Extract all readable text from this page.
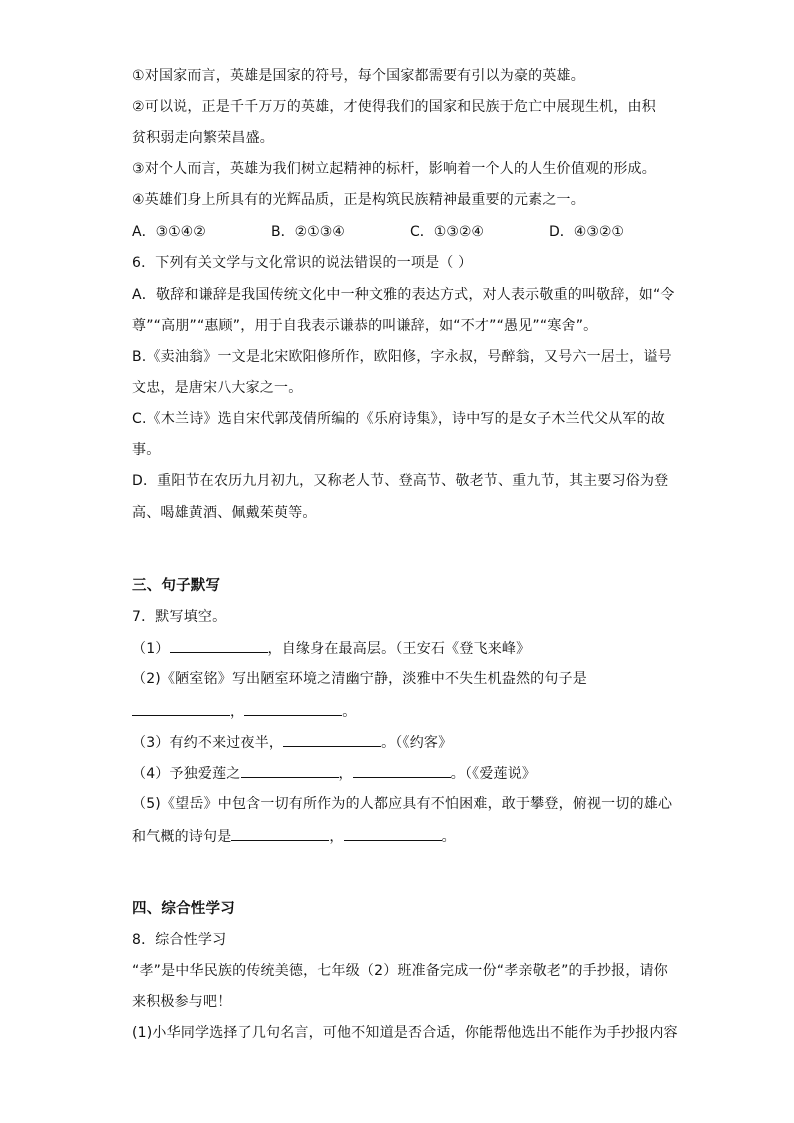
①对国家而言，英雄是国家的符号，每个国家都需要有引以为豪的英雄。
②可以说，正是千千万万的英雄，才使得我们的国家和民族于危亡中展现生机，由积
贫积弱走向繁荣昌盛。
③对个人而言，英雄为我们树立起精神的标杆，影响着一个人的人生价值观的形成。
④英雄们身上所具有的光辉品质，正是构筑民族精神最重要的元素之一。
A．③①④②	B．②①③④	C．①③②④	D．④③②①
6．下列有关文学与文化常识的说法错误的一项是（ ）
A．敬辞和谦辞是我国传统文化中一种文雅的表达方式，对人表示敬重的叫敬辞，如“令
尊”“高朋”“惠顾”，用于自我表示谦恭的叫谦辞，如“不才”“愚见”“寒舍”。
B.《卖油翁》一文是北宋欧阳修所作，欧阳修，字永叔，号醉翁，又号六一居士，谥号
文忠，是唐宋八大家之一。
C.《木兰诗》选自宋代郭茂倩所编的《乐府诗集》，诗中写的是女子木兰代父从军的故
事。
D．重阳节在农历九月初九，又称老人节、登高节、敬老节、重九节，其主要习俗为登
高、喝雄黄酒、佩戴茱萸等。
三、句子默写
7．默写填空。
（1）	，自缘身在最高层。（王安石《登飞来峰》
（2)《陋室铭》写出陋室环境之清幽宁静，淡雅中不失生机盎然的句子是
，	。
（3）有约不来过夜半，	。（《约客》
（4）予独爱莲之	，	。（《爱莲说》
（5)《望岳》中包含一切有所作为的人都应具有不怕困难，敢于攀登，俯视一切的雄心
和气概的诗句是	，	。
四、综合性学习
8．综合性学习
“孝”是中华民族的传统美德，七年级（2）班准备完成一份“孝亲敬老”的手抄报，请你
来积极参与吧！
(1)小华同学选择了几句名言，可他不知道是否合适，你能帮他选出不能作为手抄报内容
